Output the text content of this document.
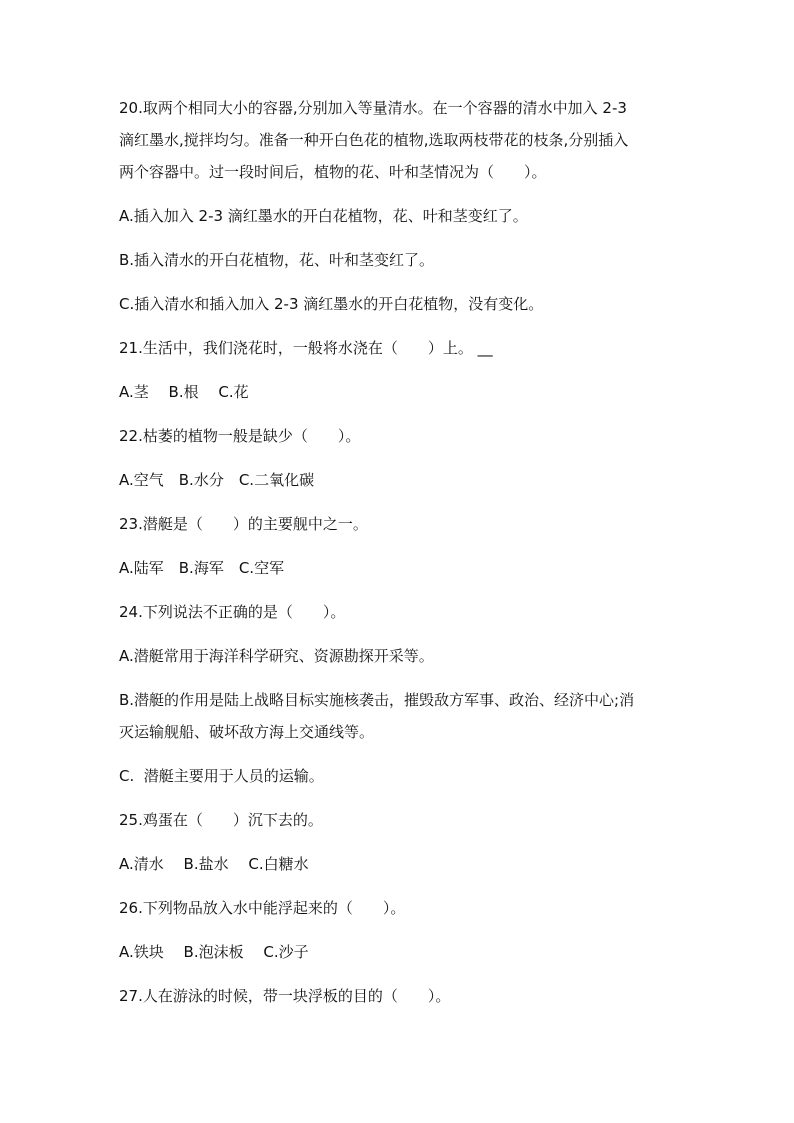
20.取两个相同大小的容器,分别加入等量清水。在一个容器的清水中加入 2-3
滴红墨水,搅拌均匀。准备一种开白色花的植物,选取两枝带花的枝条,分别插入
两个容器中。过一段时间后，植物的花、叶和茎情况为（　　）。
A.插入加入 2-3 滴红墨水的开白花植物，花、叶和茎变红了。
B.插入清水的开白花植物，花、叶和茎变红了。
C.插入清水和插入加入 2-3 滴红墨水的开白花植物，没有变化。
21.生活中，我们浇花时，一般将水浇在（　　）上。 __
A.茎　 B.根　 C.花
22.枯萎的植物一般是缺少（　　）。
A.空气　B.水分　C.二氧化碳
23.潜艇是（　　）的主要舰中之一。
A.陆军　B.海军　C.空军
24.下列说法不正确的是（　　）。
A.潜艇常用于海洋科学研究、资源勘探开采等。
B.潜艇的作用是陆上战略目标实施核袭击，摧毁敌方军事、政治、经济中心;消
灭运输舰船、破坏敌方海上交通线等。
C.  潜艇主要用于人员的运输。
25.鸡蛋在（　　）沉下去的。
A.清水　 B.盐水　 C.白糖水
26.下列物品放入水中能浮起来的（　　）。
A.铁块　 B.泡沫板　 C.沙子
27.人在游泳的时候，带一块浮板的目的（　　）。
